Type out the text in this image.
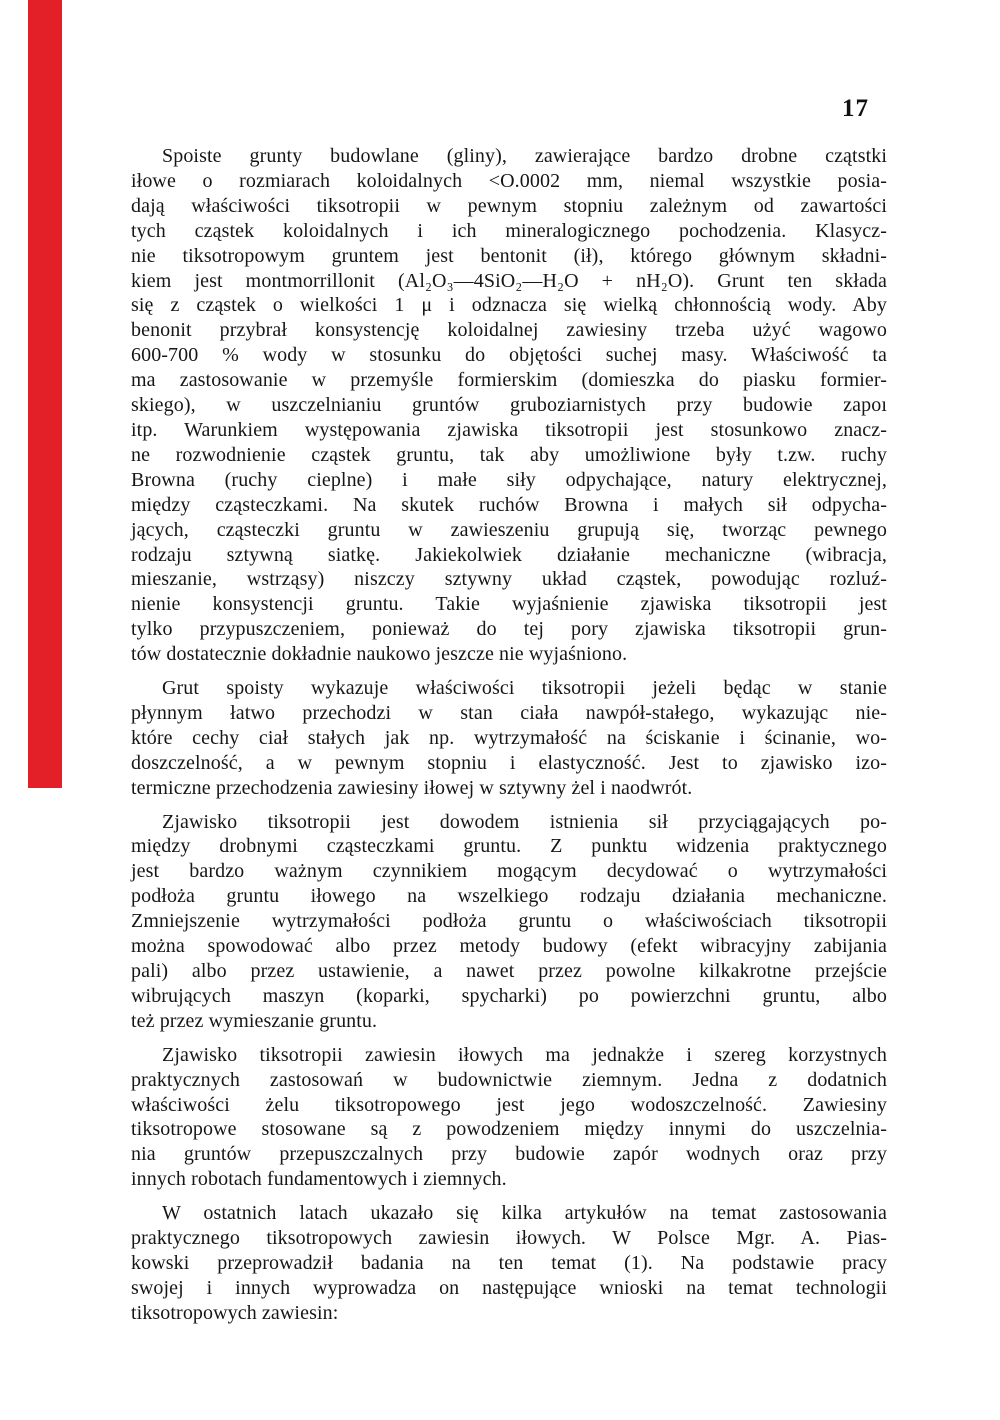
17

Spoiste grunty budowlane (gliny), zawierające bardzo drobne czątstki
iłowe o rozmiarach koloidalnych <O.0002 mm, niemal wszystkie posia-
dają właściwości tiksotropii w pewnym stopniu zależnym od zawartości
tych cząstek koloidalnych i ich mineralogicznego pochodzenia. Klasycz-
nie tiksotropowym gruntem jest bentonit (ił), którego głównym składni-
kiem jest montmorrillonit (Al₂O₃—4SiO₂—H₂O + nH₂O). Grunt ten składa
się z cząstek o wielkości 1 μ i odznacza się wielką chłonnością wody. Aby
benonit przybrał konsystencję koloidalnej zawiesiny trzeba użyć wagowo
600-700 % wody w stosunku do objętości suchej masy. Właściwość ta
ma zastosowanie w przemyśle formierskim (domieszka do piasku formier-
skiego), w uszczelnianiu gruntów gruboziarnistych przy budowie zapoı
itp. Warunkiem występowania zjawiska tiksotropii jest stosunkowo znacz-
ne rozwodnienie cząstek gruntu, tak aby umożliwione były t.zw. ruchy
Browna (ruchy cieplne) i małe siły odpychające, natury elektrycznej,
między cząsteczkami. Na skutek ruchów Browna i małych sił odpycha-
jących, cząsteczki gruntu w zawieszeniu grupują się, tworząc pewnego
rodzaju sztywną siatkę. Jakiekolwiek działanie mechaniczne (wibracja,
mieszanie, wstrząsy) niszczy sztywny układ cząstek, powodując rozluź-
nienie konsystencji gruntu. Takie wyjaśnienie zjawiska tiksotropii jest
tylko przypuszczeniem, ponieważ do tej pory zjawiska tiksotropii grun-
tów dostatecznie dokładnie naukowo jeszcze nie wyjaśniono.

Grut spoisty wykazuje właściwości tiksotropii jeżeli będąc w stanie
płynnym łatwo przechodzi w stan ciała nawpół-stałego, wykazując nie-
które cechy ciał stałych jak np. wytrzymałość na ściskanie i ścinanie, wo-
doszczelność, a w pewnym stopniu i elastyczność. Jest to zjawisko izo-
termiczne przechodzenia zawiesiny iłowej w sztywny żel i naodwrót.

Zjawisko tiksotropii jest dowodem istnienia sił przyciągających po-
między drobnymi cząsteczkami gruntu. Z punktu widzenia praktycznego
jest bardzo ważnym czynnikiem mogącym decydować o wytrzymałości
podłoża gruntu iłowego na wszelkiego rodzaju działania mechaniczne.
Zmniejszenie wytrzymałości podłoża gruntu o właściwościach tiksotropii
można spowodować albo przez metody budowy (efekt wibracyjny zabijania
pali) albo przez ustawienie, a nawet przez powolne kilkakrotne przejście
wibrujących maszyn (koparki, spycharki) po powierzchni gruntu, albo
też przez wymieszanie gruntu.

Zjawisko tiksotropii zawiesin iłowych ma jednakże i szereg korzystnych
praktycznych zastosowań w budownictwie ziemnym. Jedna z dodatnich
właściwości żelu tiksotropowego jest jego wodoszczelność. Zawiesiny
tiksotropowe stosowane są z powodzeniem między innymi do uszczelnia-
nia gruntów przepuszczalnych przy budowie zapór wodnych oraz przy
innych robotach fundamentowych i ziemnych.

W ostatnich latach ukazało się kilka artykułów na temat zastosowania
praktycznego tiksotropowych zawiesin iłowych. W Polsce Mgr. A. Pias-
kowski przeprowadził badania na ten temat (1). Na podstawie pracy
swojej i innych wyprowadza on następujące wnioski na temat technologii
tiksotropowych zawiesin:
